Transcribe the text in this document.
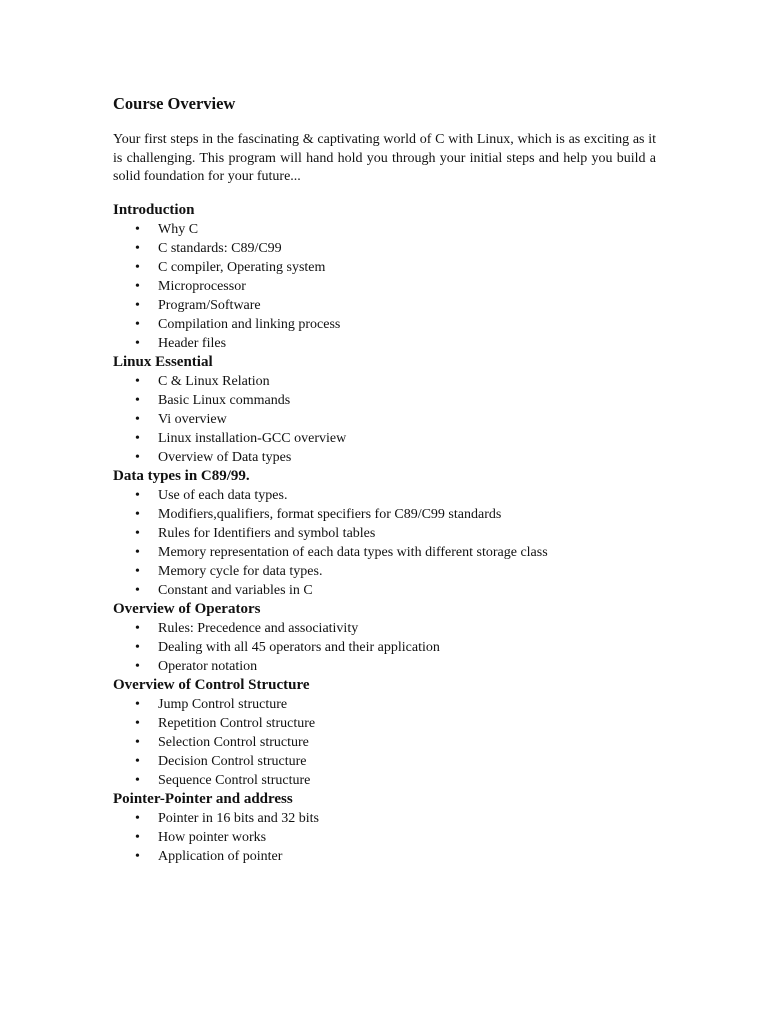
Course Overview

Your first steps in the fascinating & captivating world of C with Linux, which is as exciting as it is challenging. This program will hand hold you through your initial steps and help you build a solid foundation for your future...

Introduction
• Why C
• C standards: C89/C99
• C compiler, Operating system
• Microprocessor
• Program/Software
• Compilation and linking process
• Header files
Linux Essential
• C & Linux Relation
• Basic Linux commands
• Vi overview
• Linux installation-GCC overview
• Overview of Data types
Data types in C89/99.
• Use of each data types.
• Modifiers,qualifiers, format specifiers for C89/C99 standards
• Rules for Identifiers and symbol tables
• Memory representation of each data types with different storage class
• Memory cycle for data types.
• Constant and variables in C
Overview of Operators
• Rules: Precedence and associativity
• Dealing with all 45 operators and their application
• Operator notation
Overview of Control Structure
• Jump Control structure
• Repetition Control structure
• Selection Control structure
• Decision Control structure
• Sequence Control structure
Pointer-Pointer and address
• Pointer in 16 bits and 32 bits
• How pointer works
• Application of pointer
